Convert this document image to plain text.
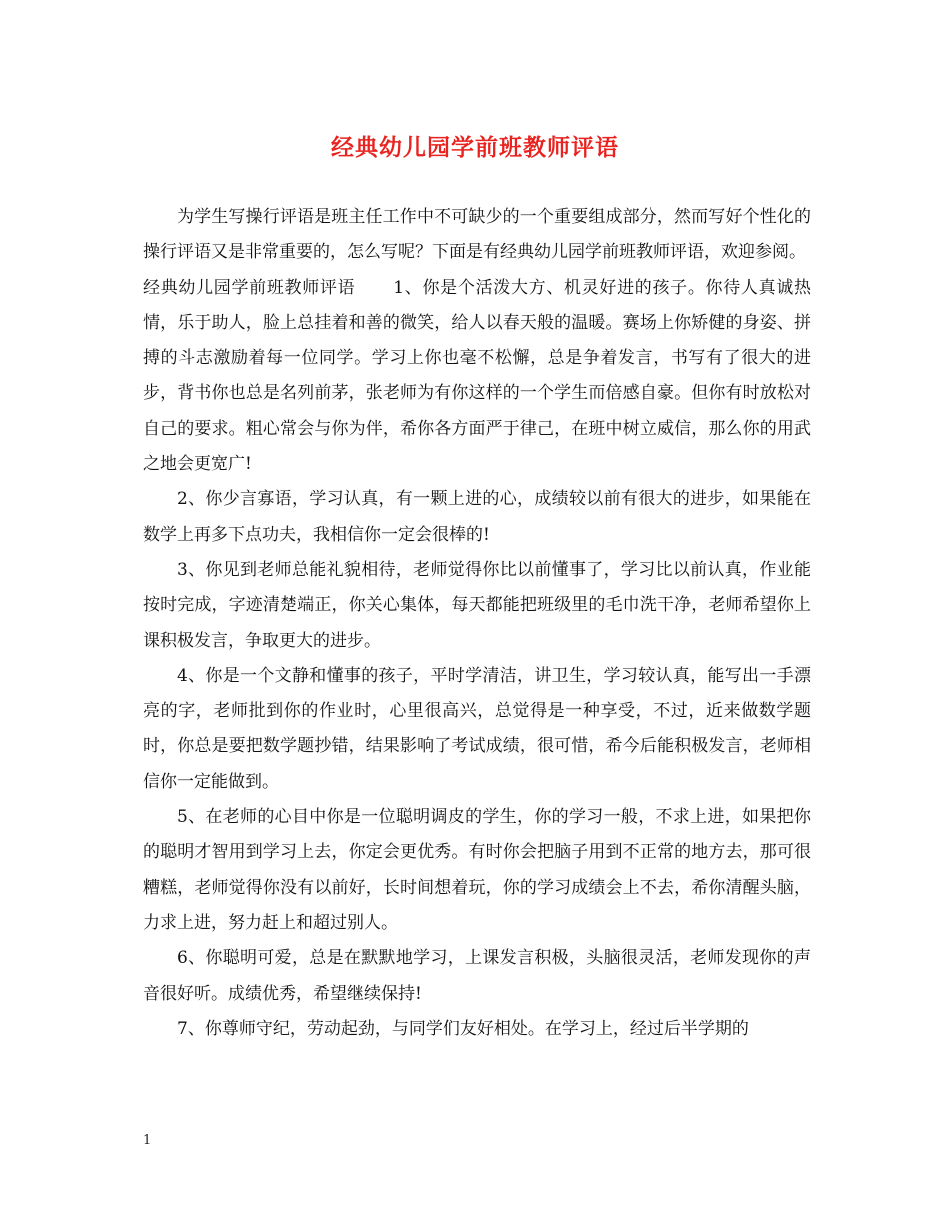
经典幼儿园学前班教师评语

为学生写操行评语是班主任工作中不可缺少的一个重要组成部分，然而写好个性化的操行评语又是非常重要的，怎么写呢？下面是有经典幼儿园学前班教师评语，欢迎参阅。

经典幼儿园学前班教师评语 1、你是个活泼大方、机灵好进的孩子。你待人真诚热情，乐于助人，脸上总挂着和善的微笑，给人以春天般的温暖。赛场上你矫健的身姿、拼搏的斗志激励着每一位同学。学习上你也毫不松懈，总是争着发言，书写有了很大的进步，背书你也总是名列前茅，张老师为有你这样的一个学生而倍感自豪。但你有时放松对自己的要求。粗心常会与你为伴，希你各方面严于律己，在班中树立威信，那么你的用武之地会更宽广!

2、你少言寡语，学习认真，有一颗上进的心，成绩较以前有很大的进步，如果能在数学上再多下点功夫，我相信你一定会很棒的!

3、你见到老师总能礼貌相待，老师觉得你比以前懂事了，学习比以前认真，作业能按时完成，字迹清楚端正，你关心集体，每天都能把班级里的毛巾洗干净，老师希望你上课积极发言，争取更大的进步。

4、你是一个文静和懂事的孩子，平时学清洁，讲卫生，学习较认真，能写出一手漂亮的字，老师批到你的作业时，心里很高兴，总觉得是一种享受，不过，近来做数学题时，你总是要把数学题抄错，结果影响了考试成绩，很可惜，希今后能积极发言，老师相信你一定能做到。

5、在老师的心目中你是一位聪明调皮的学生，你的学习一般，不求上进，如果把你的聪明才智用到学习上去，你定会更优秀。有时你会把脑子用到不正常的地方去，那可很糟糕，老师觉得你没有以前好，长时间想着玩，你的学习成绩会上不去，希你清醒头脑，力求上进，努力赶上和超过别人。

6、你聪明可爱，总是在默默地学习，上课发言积极，头脑很灵活，老师发现你的声音很好听。成绩优秀，希望继续保持!

7、你尊师守纪，劳动起劲，与同学们友好相处。在学习上，经过后半学期的

1
